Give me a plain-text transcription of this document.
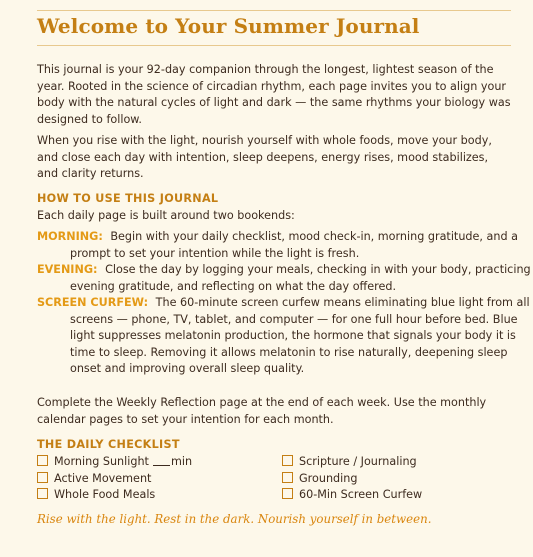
Welcome to Your Summer Journal

This journal is your 92-day companion through the longest, lightest season of the year. Rooted in the science of circadian rhythm, each page invites you to align your body with the natural cycles of light and dark — the same rhythms your biology was designed to follow.

When you rise with the light, nourish yourself with whole foods, move your body, and close each day with intention, sleep deepens, energy rises, mood stabilizes, and clarity returns.

HOW TO USE THIS JOURNAL
Each daily page is built around two bookends:
MORNING: Begin with your daily checklist, mood check-in, morning gratitude, and a prompt to set your intention while the light is fresh.
EVENING: Close the day by logging your meals, checking in with your body, practicing evening gratitude, and reflecting on what the day offered.
SCREEN CURFEW: The 60-minute screen curfew means eliminating blue light from all screens — phone, TV, tablet, and computer — for one full hour before bed. Blue light suppresses melatonin production, the hormone that signals your body it is time to sleep. Removing it allows melatonin to rise naturally, deepening sleep onset and improving overall sleep quality.
Complete the Weekly Reflection page at the end of each week. Use the monthly calendar pages to set your intention for each month.
THE DAILY CHECKLIST
Morning Sunlight min
Active Movement
Whole Food Meals
Scripture / Journaling
Grounding
60-Min Screen Curfew

Rise with the light. Rest in the dark. Nourish yourself in between.
